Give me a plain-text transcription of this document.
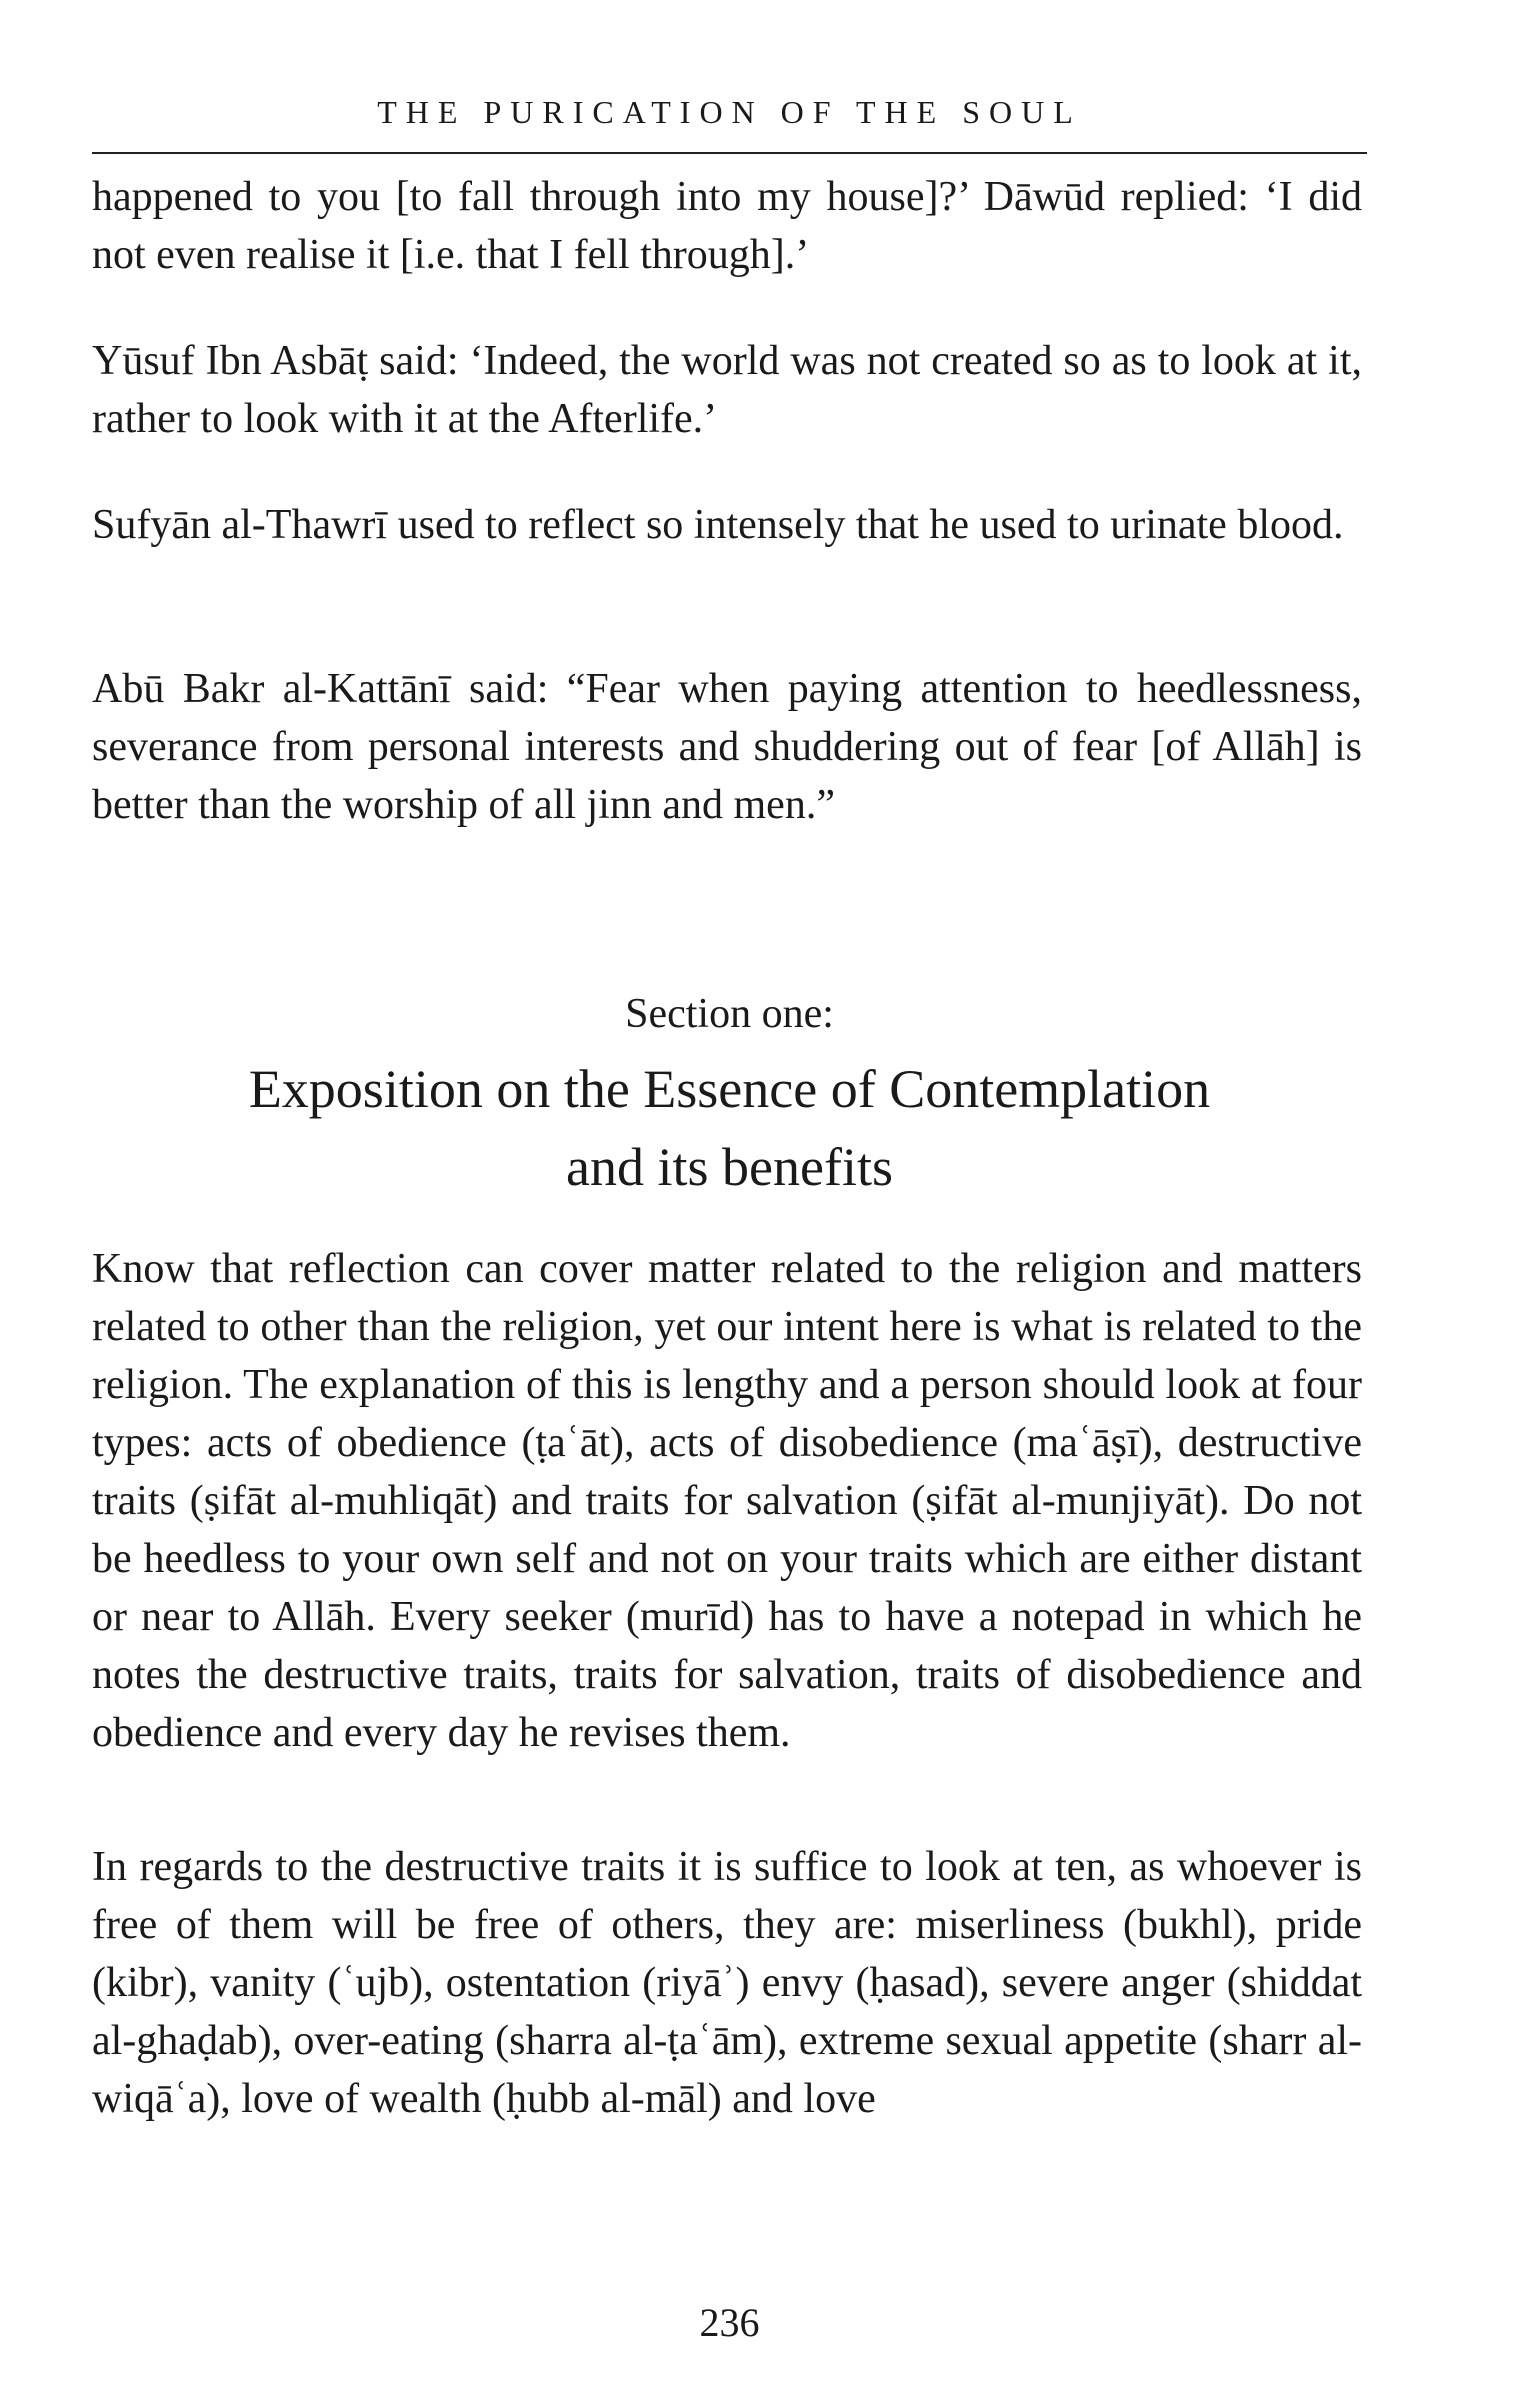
THE PURICATION OF THE SOUL

happened to you [to fall through into my house]?’ Dāwūd replied: ‘I did not even realise it [i.e. that I fell through].’

Yūsuf Ibn Asbāṭ said: ‘Indeed, the world was not created so as to look at it, rather to look with it at the Afterlife.’

Sufyān al-Thawrī used to reflect so intensely that he used to urinate blood.

Abū Bakr al-Kattānī said: “Fear when paying attention to heedlessness, severance from personal interests and shuddering out of fear [of Allāh] is better than the worship of all jinn and men.”

Section one:
Exposition on the Essence of Contemplation
and its benefits

Know that reflection can cover matter related to the religion and matters related to other than the religion, yet our intent here is what is related to the religion. The explanation of this is lengthy and a person should look at four types: acts of obedience (ṭaʿāt), acts of disobedience (maʿāṣī), destructive traits (ṣifāt al-muhliqāt) and traits for salvation (ṣifāt al-munjiyāt). Do not be heedless to your own self and not on your traits which are either distant or near to Allāh. Every seeker (murīd) has to have a notepad in which he notes the destructive traits, traits for salvation, traits of disobedience and obedience and every day he revises them.

In regards to the destructive traits it is suffice to look at ten, as whoever is free of them will be free of others, they are: miserliness (bukhl), pride (kibr), vanity (ʿujb), ostentation (riyāʾ) envy (ḥasad), severe anger (shiddat al-ghaḍab), over-eating (sharra al-ṭaʿām), extreme sexual appetite (sharr al-wiqāʿa), love of wealth (ḥubb al-māl) and love

236
